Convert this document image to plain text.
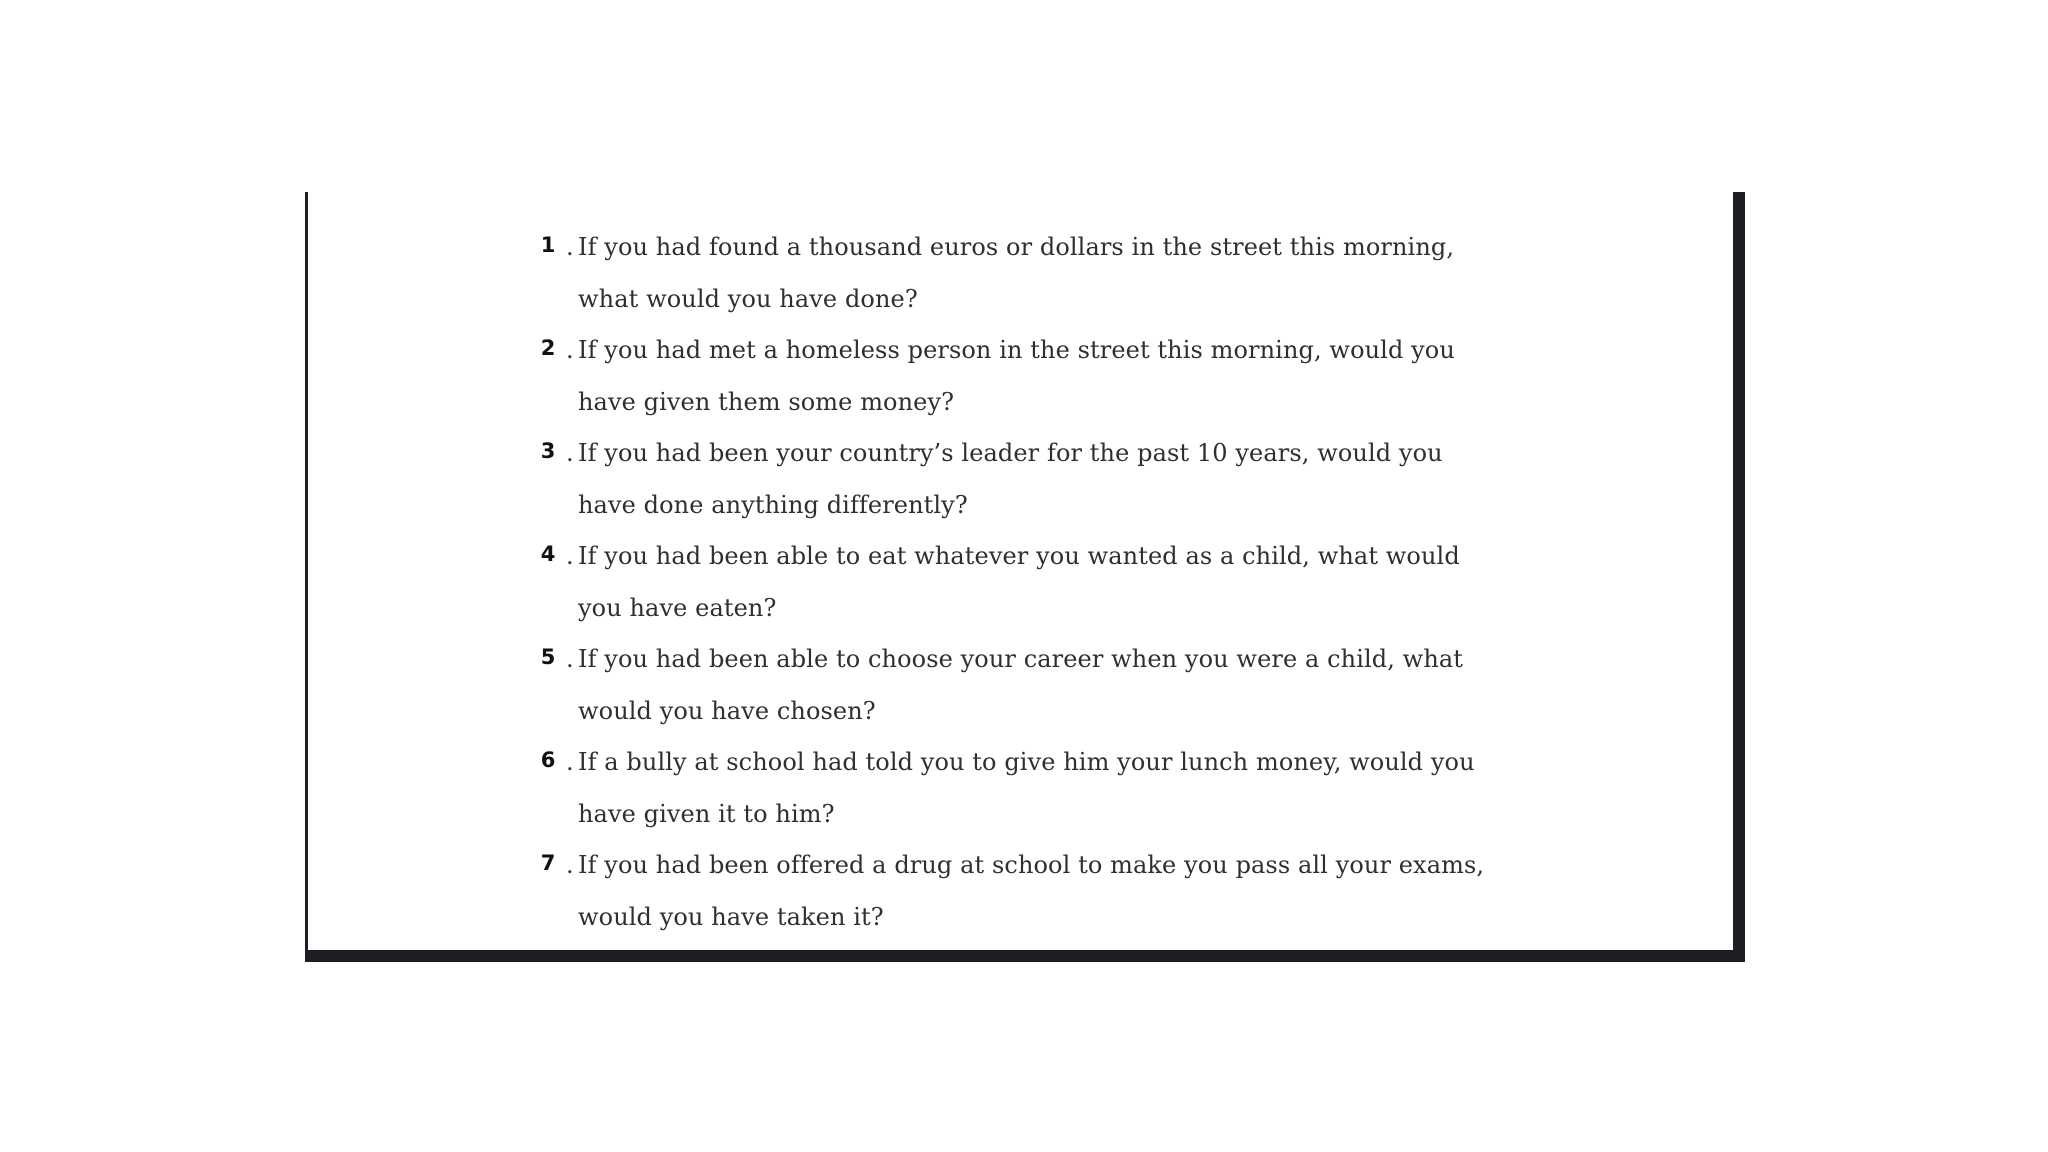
1 . If you had found a thousand euros or dollars in the street this morning,
what would you have done?
2 . If you had met a homeless person in the street this morning, would you
have given them some money?
3 . If you had been your country’s leader for the past 10 years, would you
have done anything differently?
4 . If you had been able to eat whatever you wanted as a child, what would
you have eaten?
5 . If you had been able to choose your career when you were a child, what
would you have chosen?
6 . If a bully at school had told you to give him your lunch money, would you
have given it to him?
7 . If you had been offered a drug at school to make you pass all your exams,
would you have taken it?
